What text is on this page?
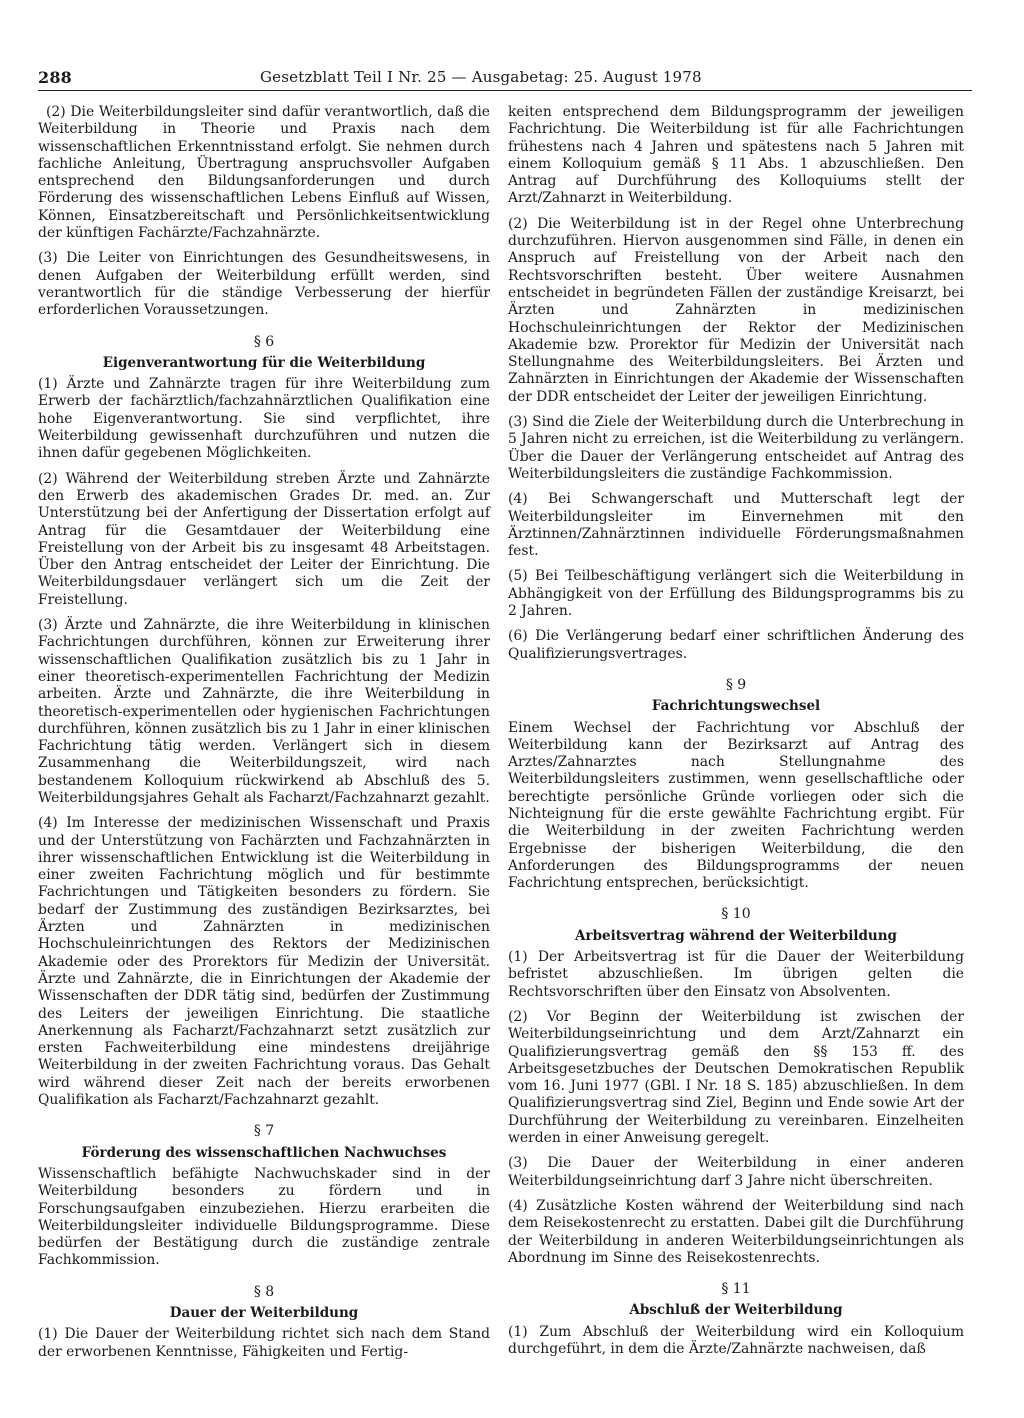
288	Gesetzblatt Teil I Nr. 25 — Ausgabetag: 25. August 1978

(2) Die Weiterbildungsleiter sind dafür verantwortlich, daß die Weiterbildung in Theorie und Praxis nach dem wissenschaftlichen Erkenntnisstand erfolgt. Sie nehmen durch fachliche Anleitung, Übertragung anspruchsvoller Aufgaben entsprechend den Bildungsanforderungen und durch Förderung des wissenschaftlichen Lebens Einfluß auf Wissen, Können, Einsatzbereitschaft und Persönlichkeitsentwicklung der künftigen Fachärzte/Fachzahnärzte.

(3) Die Leiter von Einrichtungen des Gesundheitswesens, in denen Aufgaben der Weiterbildung erfüllt werden, sind verantwortlich für die ständige Verbesserung der hierfür erforderlichen Voraussetzungen.

§ 6
Eigenverantwortung für die Weiterbildung

(1) Ärzte und Zahnärzte tragen für ihre Weiterbildung zum Erwerb der fachärztlich/fachzahnärztlichen Qualifikation eine hohe Eigenverantwortung. Sie sind verpflichtet, ihre Weiterbildung gewissenhaft durchzuführen und nutzen die ihnen dafür gegebenen Möglichkeiten.

(2) Während der Weiterbildung streben Ärzte und Zahnärzte den Erwerb des akademischen Grades Dr. med. an. Zur Unterstützung bei der Anfertigung der Dissertation erfolgt auf Antrag für die Gesamtdauer der Weiterbildung eine Freistellung von der Arbeit bis zu insgesamt 48 Arbeitstagen. Über den Antrag entscheidet der Leiter der Einrichtung. Die Weiterbildungsdauer verlängert sich um die Zeit der Freistellung.

(3) Ärzte und Zahnärzte, die ihre Weiterbildung in klinischen Fachrichtungen durchführen, können zur Erweiterung ihrer wissenschaftlichen Qualifikation zusätzlich bis zu 1 Jahr in einer theoretisch-experimentellen Fachrichtung der Medizin arbeiten. Ärzte und Zahnärzte, die ihre Weiterbildung in theoretisch-experimentellen oder hygienischen Fachrichtungen durchführen, können zusätzlich bis zu 1 Jahr in einer klinischen Fachrichtung tätig werden. Verlängert sich in diesem Zusammenhang die Weiterbildungszeit, wird nach bestandenem Kolloquium rückwirkend ab Abschluß des 5. Weiterbildungsjahres Gehalt als Facharzt/Fachzahnarzt gezahlt.

(4) Im Interesse der medizinischen Wissenschaft und Praxis und der Unterstützung von Fachärzten und Fachzahnärzten in ihrer wissenschaftlichen Entwicklung ist die Weiterbildung in einer zweiten Fachrichtung möglich und für bestimmte Fachrichtungen und Tätigkeiten besonders zu fördern. Sie bedarf der Zustimmung des zuständigen Bezirksarztes, bei Ärzten und Zahnärzten in medizinischen Hochschuleinrichtungen des Rektors der Medizinischen Akademie oder des Prorektors für Medizin der Universität. Ärzte und Zahnärzte, die in Einrichtungen der Akademie der Wissenschaften der DDR tätig sind, bedürfen der Zustimmung des Leiters der jeweiligen Einrichtung. Die staatliche Anerkennung als Facharzt/Fachzahnarzt setzt zusätzlich zur ersten Fachweiterbildung eine mindestens dreijährige Weiterbildung in der zweiten Fachrichtung voraus. Das Gehalt wird während dieser Zeit nach der bereits erworbenen Qualifikation als Facharzt/Fachzahnarzt gezahlt.

§ 7
Förderung des wissenschaftlichen Nachwuchses

Wissenschaftlich befähigte Nachwuchskader sind in der Weiterbildung besonders zu fördern und in Forschungsaufgaben einzubeziehen. Hierzu erarbeiten die Weiterbildungsleiter individuelle Bildungsprogramme. Diese bedürfen der Bestätigung durch die zuständige zentrale Fachkommission.

§ 8
Dauer der Weiterbildung

(1) Die Dauer der Weiterbildung richtet sich nach dem Stand der erworbenen Kenntnisse, Fähigkeiten und Fertig-

keiten entsprechend dem Bildungsprogramm der jeweiligen Fachrichtung. Die Weiterbildung ist für alle Fachrichtungen frühestens nach 4 Jahren und spätestens nach 5 Jahren mit einem Kolloquium gemäß § 11 Abs. 1 abzuschließen. Den Antrag auf Durchführung des Kolloquiums stellt der Arzt/Zahnarzt in Weiterbildung.

(2) Die Weiterbildung ist in der Regel ohne Unterbrechung durchzuführen. Hiervon ausgenommen sind Fälle, in denen ein Anspruch auf Freistellung von der Arbeit nach den Rechtsvorschriften besteht. Über weitere Ausnahmen entscheidet in begründeten Fällen der zuständige Kreisarzt, bei Ärzten und Zahnärzten in medizinischen Hochschuleinrichtungen der Rektor der Medizinischen Akademie bzw. Prorektor für Medizin der Universität nach Stellungnahme des Weiterbildungsleiters. Bei Ärzten und Zahnärzten in Einrichtungen der Akademie der Wissenschaften der DDR entscheidet der Leiter der jeweiligen Einrichtung.

(3) Sind die Ziele der Weiterbildung durch die Unterbrechung in 5 Jahren nicht zu erreichen, ist die Weiterbildung zu verlängern. Über die Dauer der Verlängerung entscheidet auf Antrag des Weiterbildungsleiters die zuständige Fachkommission.

(4) Bei Schwangerschaft und Mutterschaft legt der Weiterbildungsleiter im Einvernehmen mit den Ärztinnen/Zahnärztinnen individuelle Förderungsmaßnahmen fest.

(5) Bei Teilbeschäftigung verlängert sich die Weiterbildung in Abhängigkeit von der Erfüllung des Bildungsprogramms bis zu 2 Jahren.

(6) Die Verlängerung bedarf einer schriftlichen Änderung des Qualifizierungsvertrages.

§ 9
Fachrichtungswechsel

Einem Wechsel der Fachrichtung vor Abschluß der Weiterbildung kann der Bezirksarzt auf Antrag des Arztes/Zahnarztes nach Stellungnahme des Weiterbildungsleiters zustimmen, wenn gesellschaftliche oder berechtigte persönliche Gründe vorliegen oder sich die Nichteignung für die erste gewählte Fachrichtung ergibt. Für die Weiterbildung in der zweiten Fachrichtung werden Ergebnisse der bisherigen Weiterbildung, die den Anforderungen des Bildungsprogramms der neuen Fachrichtung entsprechen, berücksichtigt.

§ 10
Arbeitsvertrag während der Weiterbildung

(1) Der Arbeitsvertrag ist für die Dauer der Weiterbildung befristet abzuschließen. Im übrigen gelten die Rechtsvorschriften über den Einsatz von Absolventen.

(2) Vor Beginn der Weiterbildung ist zwischen der Weiterbildungseinrichtung und dem Arzt/Zahnarzt ein Qualifizierungsvertrag gemäß den §§ 153 ff. des Arbeitsgesetzbuches der Deutschen Demokratischen Republik vom 16. Juni 1977 (GBl. I Nr. 18 S. 185) abzuschließen. In dem Qualifizierungsvertrag sind Ziel, Beginn und Ende sowie Art der Durchführung der Weiterbildung zu vereinbaren. Einzelheiten werden in einer Anweisung geregelt.

(3) Die Dauer der Weiterbildung in einer anderen Weiterbildungseinrichtung darf 3 Jahre nicht überschreiten.

(4) Zusätzliche Kosten während der Weiterbildung sind nach dem Reisekostenrecht zu erstatten. Dabei gilt die Durchführung der Weiterbildung in anderen Weiterbildungseinrichtungen als Abordnung im Sinne des Reisekostenrechts.

§ 11
Abschluß der Weiterbildung

(1) Zum Abschluß der Weiterbildung wird ein Kolloquium durchgeführt, in dem die Ärzte/Zahnärzte nachweisen, daß
